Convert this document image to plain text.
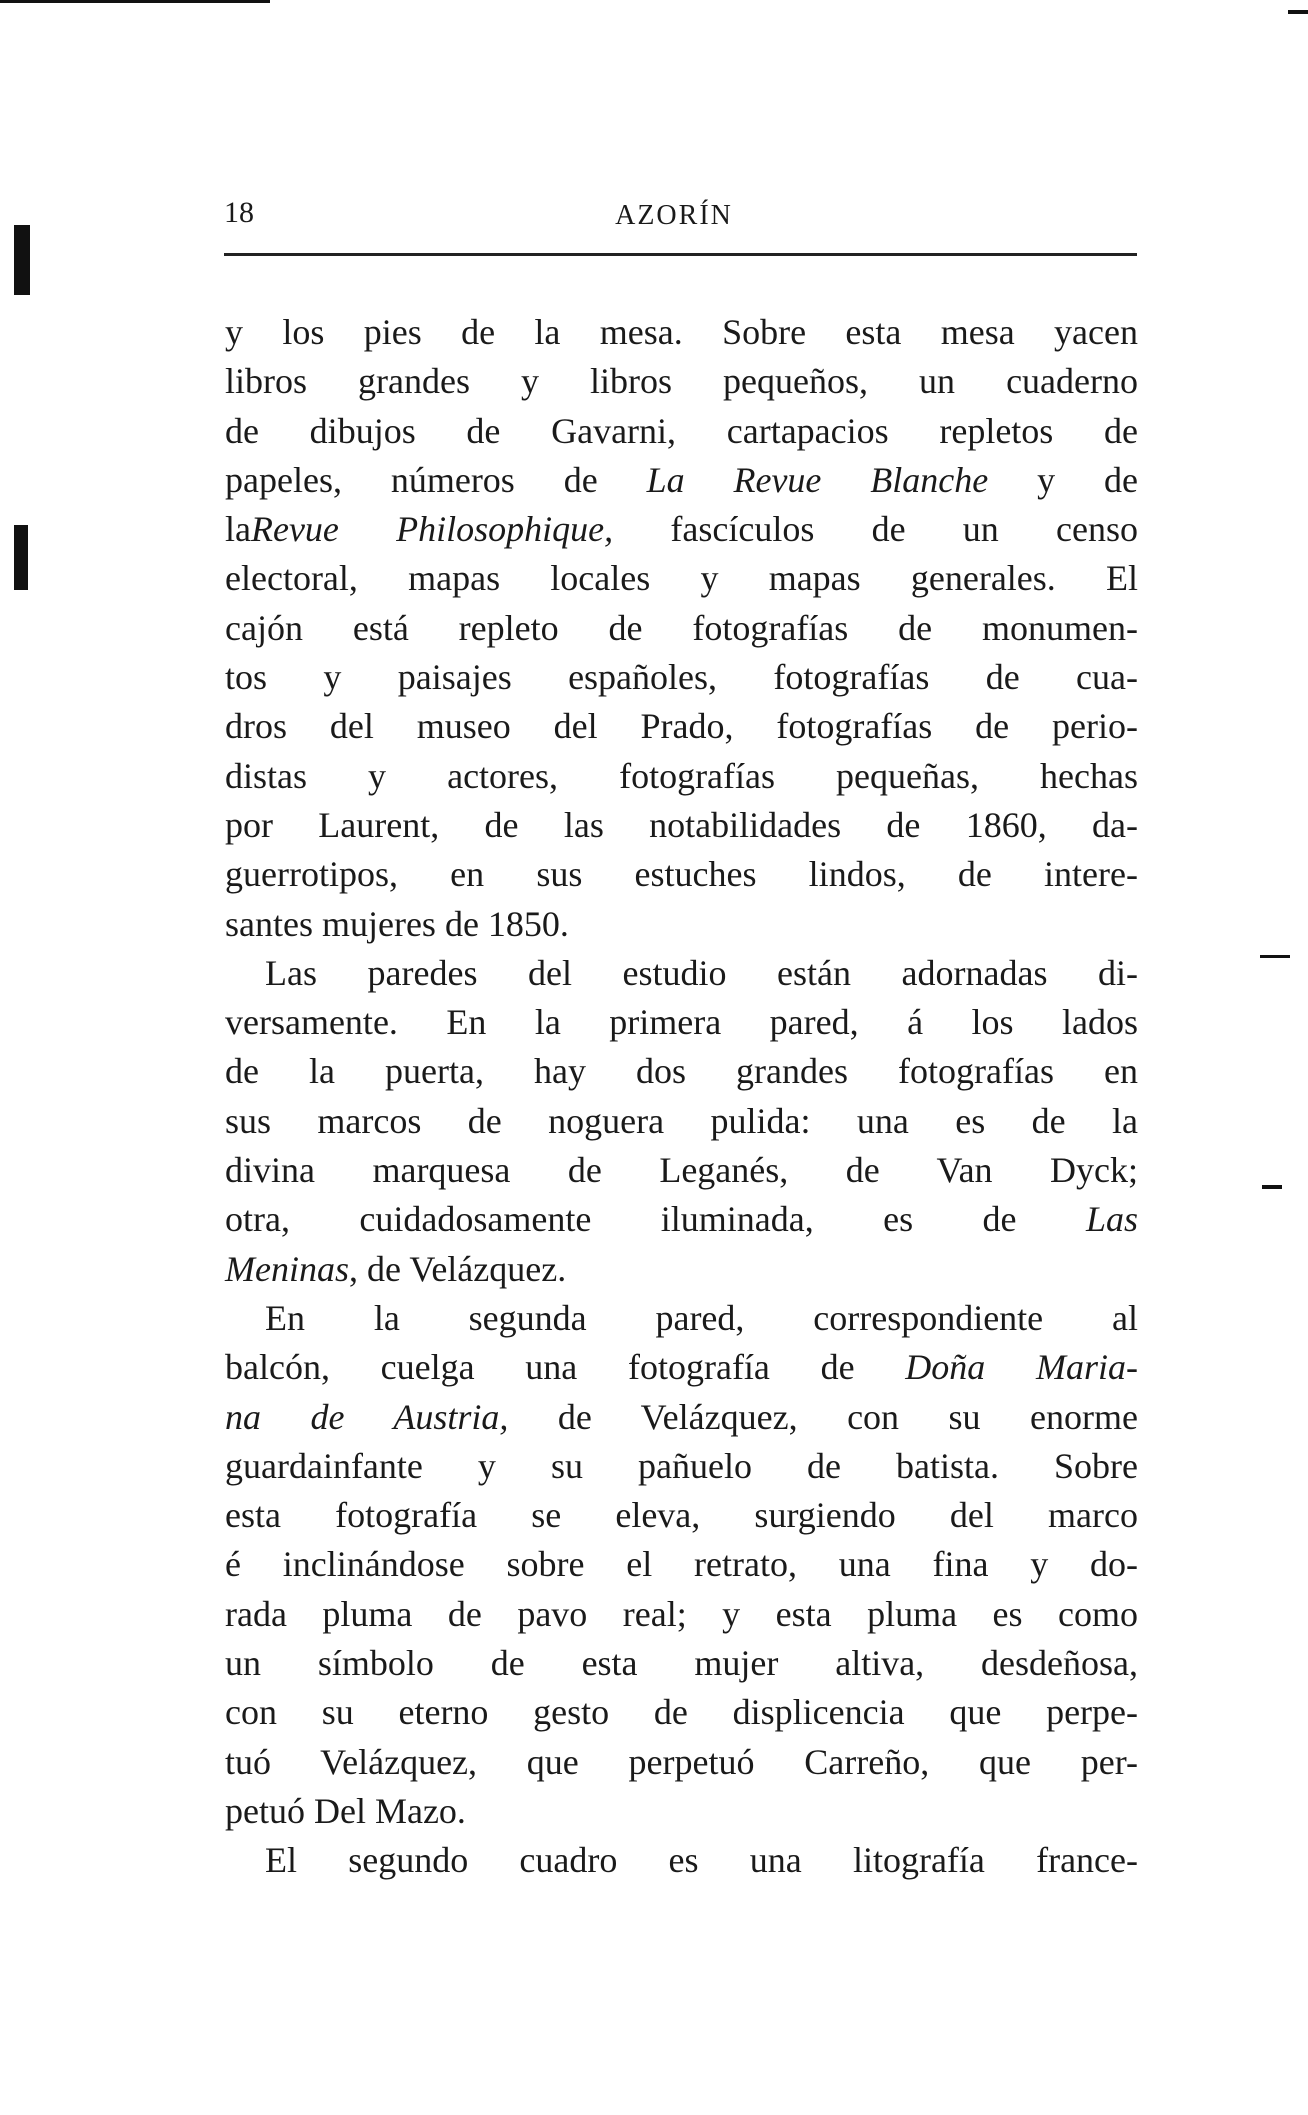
18	AZORÍN
y los pies de la mesa. Sobre esta mesa yacen
libros grandes y libros pequeños, un cuaderno
de dibujos de Gavarni, cartapacios repletos de
papeles, números de La Revue Blanche y de
laRevue Philosophique, fascículos de un censo
electoral, mapas locales y mapas generales. El
cajón está repleto de fotografías de monumen-
tos y paisajes españoles, fotografías de cua-
dros del museo del Prado, fotografías de perio-
distas y actores, fotografías pequeñas, hechas
por Laurent, de las notabilidades de 1860, da-
guerrotipos, en sus estuches lindos, de intere-
santes mujeres de 1850.
Las paredes del estudio están adornadas di-
versamente. En la primera pared, á los lados
de la puerta, hay dos grandes fotografías en
sus marcos de noguera pulida: una es de la
divina marquesa de Leganés, de Van Dyck;
otra, cuidadosamente iluminada, es de Las
Meninas, de Velázquez.
En la segunda pared, correspondiente al
balcón, cuelga una fotografía de Doña Maria-
na de Austria, de Velázquez, con su enorme
guardainfante y su pañuelo de batista. Sobre
esta fotografía se eleva, surgiendo del marco
é inclinándose sobre el retrato, una fina y do-
rada pluma de pavo real; y esta pluma es como
un símbolo de esta mujer altiva, desdeñosa,
con su eterno gesto de displicencia que perpe-
tuó Velázquez, que perpetuó Carreño, que per-
petuó Del Mazo.
El segundo cuadro es una litografía france-
